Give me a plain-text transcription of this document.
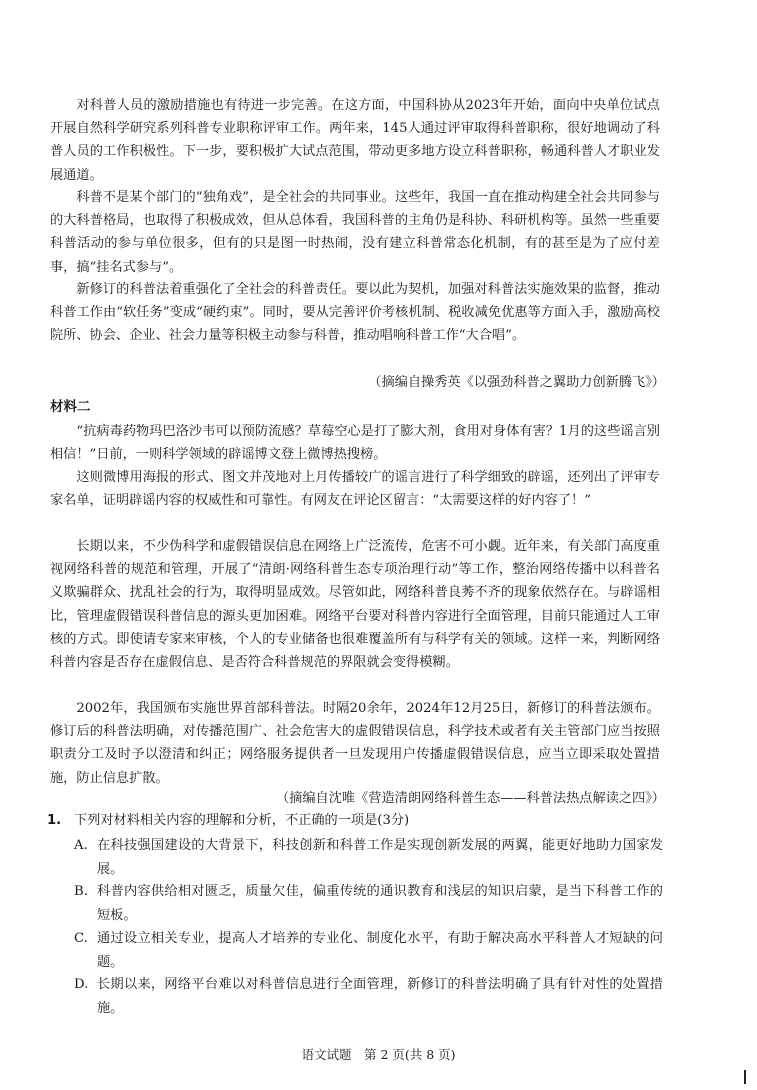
对科普人员的激励措施也有待进一步完善。在这方面，中国科协从2023年开始，面向中央单位试点开展自然科学研究系列科普专业职称评审工作。两年来，145人通过评审取得科普职称，很好地调动了科普人员的工作积极性。下一步，要积极扩大试点范围，带动更多地方设立科普职称，畅通科普人才职业发展通道。

科普不是某个部门的“独角戏”，是全社会的共同事业。这些年，我国一直在推动构建全社会共同参与的大科普格局，也取得了积极成效，但从总体看，我国科普的主角仍是科协、科研机构等。虽然一些重要科普活动的参与单位很多，但有的只是图一时热闹，没有建立科普常态化机制，有的甚至是为了应付差事，搞“挂名式参与”。

新修订的科普法着重强化了全社会的科普责任。要以此为契机，加强对科普法实施效果的监督，推动科普工作由“软任务”变成“硬约束”。同时，要从完善评价考核机制、税收减免优惠等方面入手，激励高校院所、协会、企业、社会力量等积极主动参与科普，推动唱响科普工作“大合唱”。

（摘编自操秀英《以强劲科普之翼助力创新腾飞》）
材料二

“抗病毒药物玛巴洛沙韦可以预防流感？草莓空心是打了膨大剂，食用对身体有害？1月的这些谣言别相信！”日前，一则科学领域的辟谣博文登上微博热搜榜。

这则微博用海报的形式、图文并茂地对上月传播较广的谣言进行了科学细致的辟谣，还列出了评审专家名单，证明辟谣内容的权威性和可靠性。有网友在评论区留言：“太需要这样的好内容了！”

长期以来，不少伪科学和虚假错误信息在网络上广泛流传，危害不可小觑。近年来，有关部门高度重视网络科普的规范和管理，开展了“清朗·网络科普生态专项治理行动”等工作，整治网络传播中以科普名义欺骗群众、扰乱社会的行为，取得明显成效。尽管如此，网络科普良莠不齐的现象依然存在。与辟谣相比，管理虚假错误科普信息的源头更加困难。网络平台要对科普内容进行全面管理，目前只能通过人工审核的方式。即使请专家来审核，个人的专业储备也很难覆盖所有与科学有关的领域。这样一来，判断网络科普内容是否存在虚假信息、是否符合科普规范的界限就会变得模糊。

2002年，我国颁布实施世界首部科普法。时隔20余年，2024年12月25日，新修订的科普法颁布。修订后的科普法明确，对传播范围广、社会危害大的虚假错误信息，科学技术或者有关主管部门应当按照职责分工及时予以澄清和纠正；网络服务提供者一旦发现用户传播虚假错误信息，应当立即采取处置措施，防止信息扩散。

（摘编自沈唯《营造清朗网络科普生态——科普法热点解读之四》）
1. 下列对材料相关内容的理解和分析，不正确的一项是(3分)

A. 在科技强国建设的大背景下，科技创新和科普工作是实现创新发展的两翼，能更好地助力国家发展。

B. 科普内容供给相对匮乏，质量欠佳，偏重传统的通识教育和浅层的知识启蒙，是当下科普工作的短板。

C. 通过设立相关专业，提高人才培养的专业化、制度化水平，有助于解决高水平科普人才短缺的问题。

D. 长期以来，网络平台难以对科普信息进行全面管理，新修订的科普法明确了具有针对性的处置措施。

语文试题　第 2 页(共 8 页)
